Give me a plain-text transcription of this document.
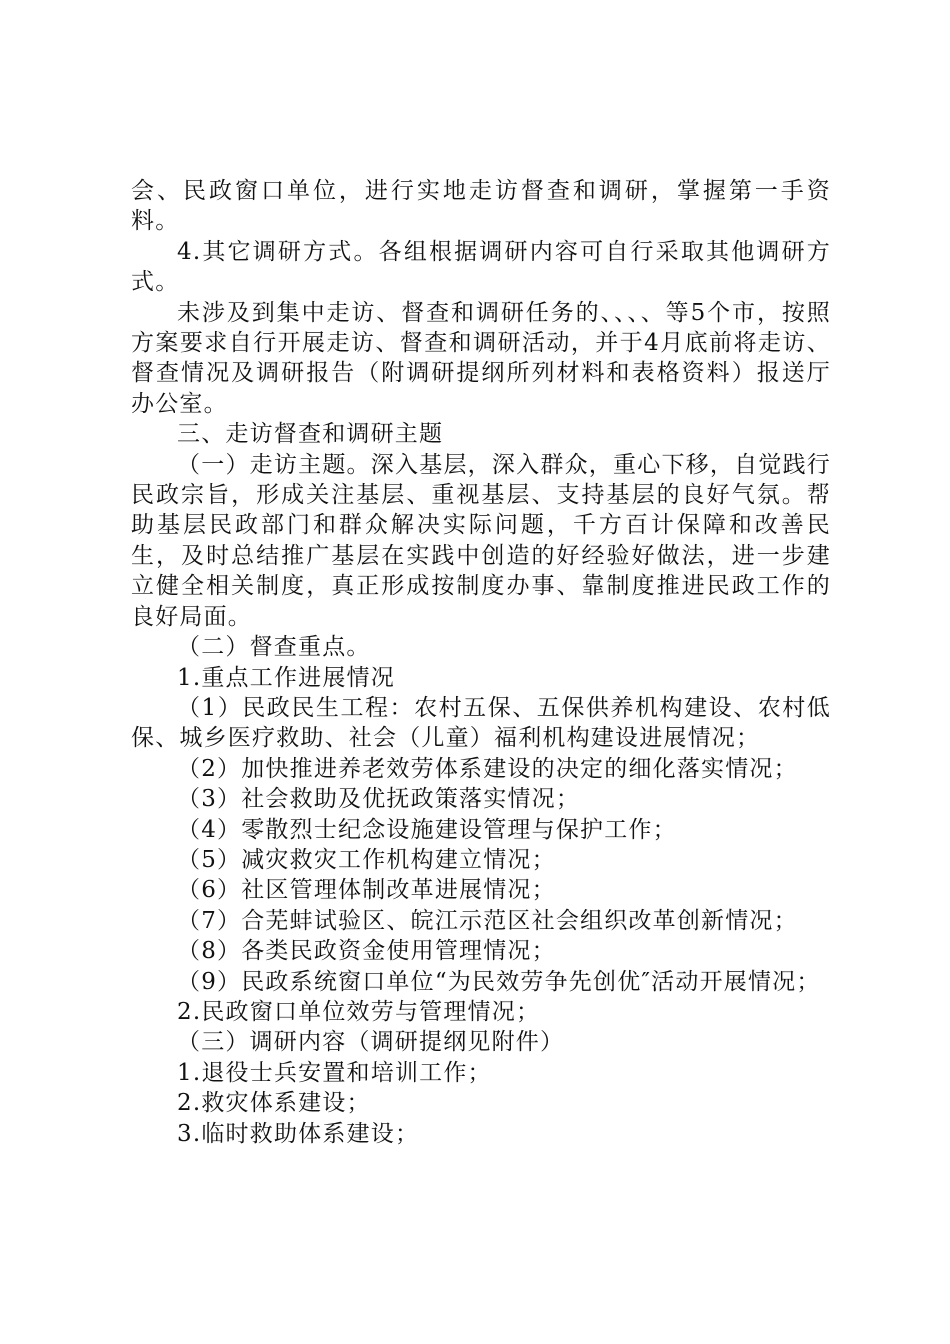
会、民政窗口单位，进行实地走访督查和调研，掌握第一手资料。

4.其它调研方式。各组根据调研内容可自行采取其他调研方式。

未涉及到集中走访、督查和调研任务的、、、、等5个市，按照方案要求自行开展走访、督查和调研活动，并于4月底前将走访、督查情况及调研报告（附调研提纲所列材料和表格资料）报送厅办公室。

三、走访督查和调研主题

（一）走访主题。深入基层，深入群众，重心下移，自觉践行民政宗旨，形成关注基层、重视基层、支持基层的良好气氛。帮助基层民政部门和群众解决实际问题，千方百计保障和改善民生，及时总结推广基层在实践中创造的好经验好做法，进一步建立健全相关制度，真正形成按制度办事、靠制度推进民政工作的良好局面。

（二）督查重点。

1.重点工作进展情况

（1）民政民生工程：农村五保、五保供养机构建设、农村低保、城乡医疗救助、社会（儿童）福利机构建设进展情况；

（2）加快推进养老效劳体系建设的决定的细化落实情况；

（3）社会救助及优抚政策落实情况；

（4）零散烈士纪念设施建设管理与保护工作；

（5）减灾救灾工作机构建立情况；

（6）社区管理体制改革进展情况；

（7）合芜蚌试验区、皖江示范区社会组织改革创新情况；

（8）各类民政资金使用管理情况；

（9）民政系统窗口单位“为民效劳争先创优″活动开展情况；

2.民政窗口单位效劳与管理情况；

（三）调研内容（调研提纲见附件）

1.退役士兵安置和培训工作；

2.救灾体系建设；

3.临时救助体系建设；
